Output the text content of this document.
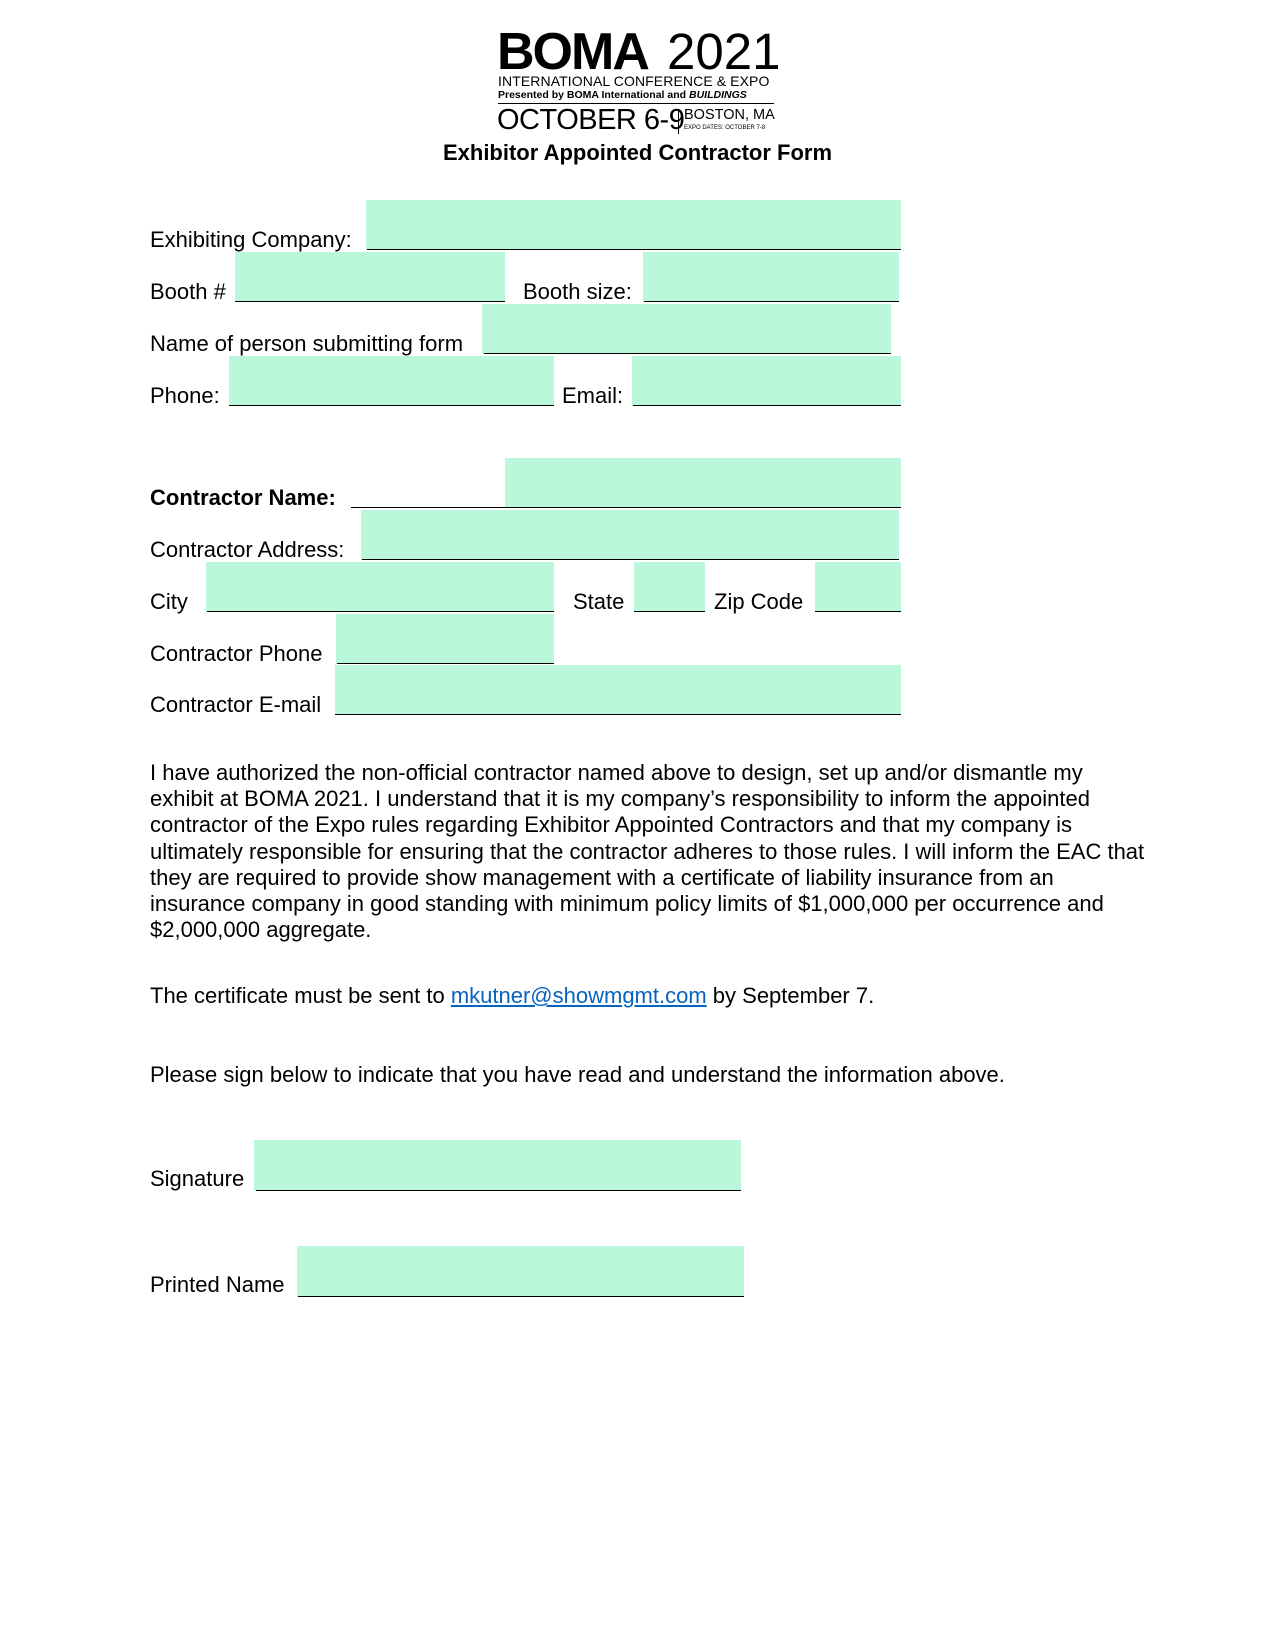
BOMA 2021
INTERNATIONAL CONFERENCE & EXPO
Presented by BOMA International and BUILDINGS
OCTOBER 6-9 BOSTON, MA
EXPO DATES: OCTOBER 7-8
Exhibitor Appointed Contractor Form
Exhibiting Company:
Booth #	Booth size:
Name of person submitting form
Phone:	Email:
Contractor Name:
Contractor Address:
City	State	Zip Code
Contractor Phone
Contractor E-mail

I have authorized the non-official contractor named above to design, set up and/or dismantle my exhibit at BOMA 2021. I understand that it is my company’s responsibility to inform the appointed contractor of the Expo rules regarding Exhibitor Appointed Contractors and that my company is ultimately responsible for ensuring that the contractor adheres to those rules. I will inform the EAC that they are required to provide show management with a certificate of liability insurance from an insurance company in good standing with minimum policy limits of $1,000,000 per occurrence and $2,000,000 aggregate.

The certificate must be sent to mkutner@showmgmt.com by September 7.

Please sign below to indicate that you have read and understand the information above.

Signature
Printed Name
